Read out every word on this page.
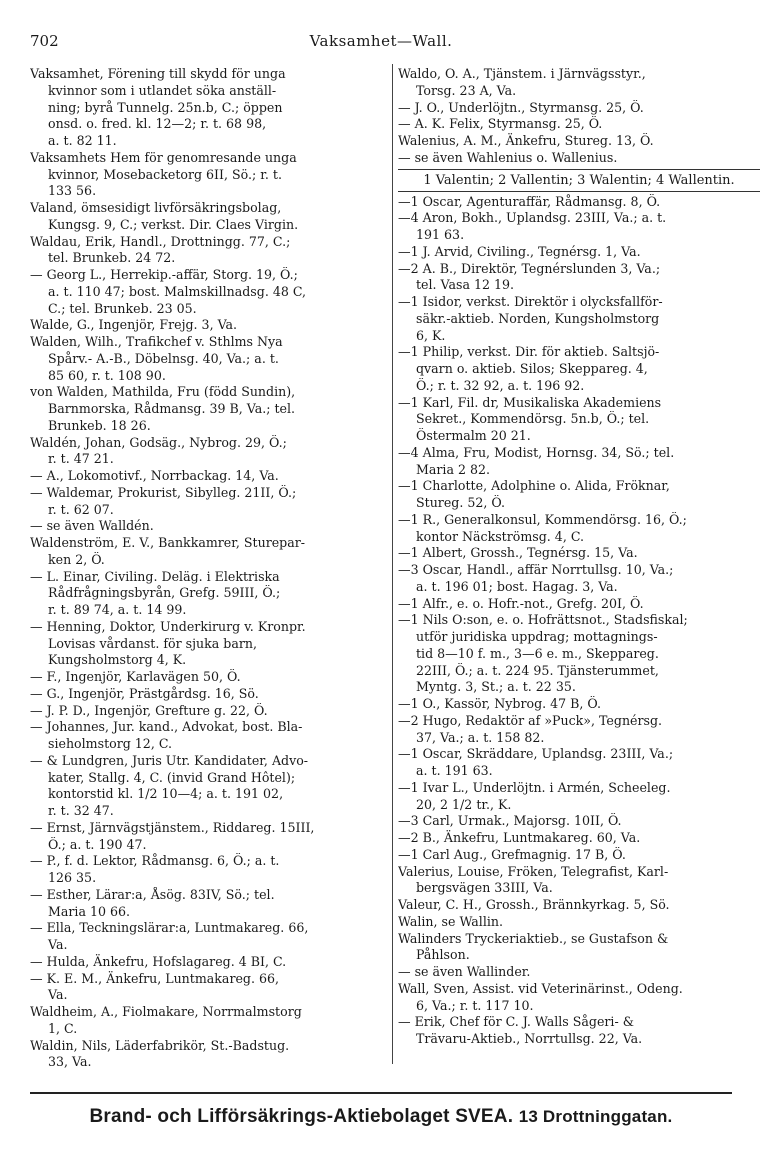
702	Vaksamhet—Wall.
Vaksamhet, Förening till skydd för unga
kvinnor som i utlandet söka anställ-
ning; byrå Tunnelg. 25n.b, C.; öppen
onsd. o. fred. kl. 12—2; r. t. 68 98,
a. t. 82 11.
Vaksamhets Hem för genomresande unga
kvinnor, Mosebacketorg 6II, Sö.; r. t.
133 56.
Valand, ömsesidigt livförsäkringsbolag,
Kungsg. 9, C.; verkst. Dir. Claes Virgin.
Waldau, Erik, Handl., Drottningg. 77, C.;
tel. Brunkeb. 24 72.
— Georg L., Herrekip.-affär, Storg. 19, Ö.;
a. t. 110 47; bost. Malmskillnadsg. 48 C,
C.; tel. Brunkeb. 23 05.
Walde, G., Ingenjör, Frejg. 3, Va.
Walden, Wilh., Trafikchef v. Sthlms Nya
Spårv.- A.-B., Döbelnsg. 40, Va.; a. t.
85 60, r. t. 108 90.
von Walden, Mathilda, Fru (född Sundin),
Barnmorska, Rådmansg. 39 B, Va.; tel.
Brunkeb. 18 26.
Waldén, Johan, Godsäg., Nybrog. 29, Ö.;
r. t. 47 21.
— A., Lokomotivf., Norrbackag. 14, Va.
— Waldemar, Prokurist, Sibylleg. 21II, Ö.;
r. t. 62 07.
— se även Walldén.
Waldenström, E. V., Bankkamrer, Sturepar-
ken 2, Ö.
— L. Einar, Civiling. Deläg. i Elektriska
Rådfrågningsbyrån, Grefg. 59III, Ö.;
r. t. 89 74, a. t. 14 99.
— Henning, Doktor, Underkirurg v. Kronpr.
Lovisas vårdanst. för sjuka barn,
Kungsholmstorg 4, K.
— F., Ingenjör, Karlavägen 50, Ö.
— G., Ingenjör, Prästgårdsg. 16, Sö.
— J. P. D., Ingenjör, Grefture g. 22, Ö.
— Johannes, Jur. kand., Advokat, bost. Bla-
sieholmstorg 12, C.
— & Lundgren, Juris Utr. Kandidater, Advo-
kater, Stallg. 4, C. (invid Grand Hôtel);
kontorstid kl. 1/2 10—4; a. t. 191 02,
r. t. 32 47.
— Ernst, Järnvägstjänstem., Riddareg. 15III,
Ö.; a. t. 190 47.
— P., f. d. Lektor, Rådmansg. 6, Ö.; a. t.
126 35.
— Esther, Lärar:a, Åsög. 83IV, Sö.; tel.
Maria 10 66.
— Ella, Teckningslärar:a, Luntmakareg. 66,
Va.
— Hulda, Änkefru, Hofslagareg. 4 BI, C.
— K. E. M., Änkefru, Luntmakareg. 66,
Va.
Waldheim, A., Fiolmakare, Norrmalmstorg
1, C.
Waldin, Nils, Läderfabrikör, St.-Badstug.
33, Va.
Waldo, O. A., Tjänstem. i Järnvägsstyr.,
Torsg. 23 A, Va.
— J. O., Underlöjtn., Styrmansg. 25, Ö.
— A. K. Felix, Styrmansg. 25, Ö.
Walenius, A. M., Änkefru, Stureg. 13, Ö.
— se även Wahlenius o. Wallenius.
1 Valentin; 2 Vallentin; 3 Walentin; 4 Wallentin.
—1 Oscar, Agenturaffär, Rådmansg. 8, Ö.
—4 Aron, Bokh., Uplandsg. 23III, Va.; a. t.
191 63.
—1 J. Arvid, Civiling., Tegnérsg. 1, Va.
—2 A. B., Direktör, Tegnérslunden 3, Va.;
tel. Vasa 12 19.
—1 Isidor, verkst. Direktör i olycksfallför-
säkr.-aktieb. Norden, Kungsholmstorg
6, K.
—1 Philip, verkst. Dir. för aktieb. Saltsjö-
qvarn o. aktieb. Silos; Skeppareg. 4,
Ö.; r. t. 32 92, a. t. 196 92.
—1 Karl, Fil. dr, Musikaliska Akademiens
Sekret., Kommendörsg. 5n.b, Ö.; tel.
Östermalm 20 21.
—4 Alma, Fru, Modist, Hornsg. 34, Sö.; tel.
Maria 2 82.
—1 Charlotte, Adolphine o. Alida, Fröknar,
Stureg. 52, Ö.
—1 R., Generalkonsul, Kommendörsg. 16, Ö.;
kontor Näckströmsg. 4, C.
—1 Albert, Grossh., Tegnérsg. 15, Va.
—3 Oscar, Handl., affär Norrtullsg. 10, Va.;
a. t. 196 01; bost. Hagag. 3, Va.
—1 Alfr., e. o. Hofr.-not., Grefg. 20I, Ö.
—1 Nils O:son, e. o. Hofrättsnot., Stadsfiskal;
utför juridiska uppdrag; mottagnings-
tid 8—10 f. m., 3—6 e. m., Skeppareg.
22III, Ö.; a. t. 224 95. Tjänsterummet,
Myntg. 3, St.; a. t. 22 35.
—1 O., Kassör, Nybrog. 47 B, Ö.
—2 Hugo, Redaktör af »Puck», Tegnérsg.
37, Va.; a. t. 158 82.
—1 Oscar, Skräddare, Uplandsg. 23III, Va.;
a. t. 191 63.
—1 Ivar L., Underlöjtn. i Armén, Scheeleg.
20, 2 1/2 tr., K.
—3 Carl, Urmak., Majorsg. 10II, Ö.
—2 B., Änkefru, Luntmakareg. 60, Va.
—1 Carl Aug., Grefmagnig. 17 B, Ö.
Valerius, Louise, Fröken, Telegrafist, Karl-
bergsvägen 33III, Va.
Valeur, C. H., Grossh., Brännkyrkag. 5, Sö.
Walin, se Wallin.
Walinders Tryckeriaktieb., se Gustafson &
Påhlson.
— se även Wallinder.
Wall, Sven, Assist. vid Veterinärinst., Odeng.
6, Va.; r. t. 117 10.
— Erik, Chef för C. J. Walls Sågeri- &
Trävaru-Aktieb., Norrtullsg. 22, Va.
Brand- och Lifförsäkrings-Aktiebolaget SVEA. 13 Drottninggatan.
